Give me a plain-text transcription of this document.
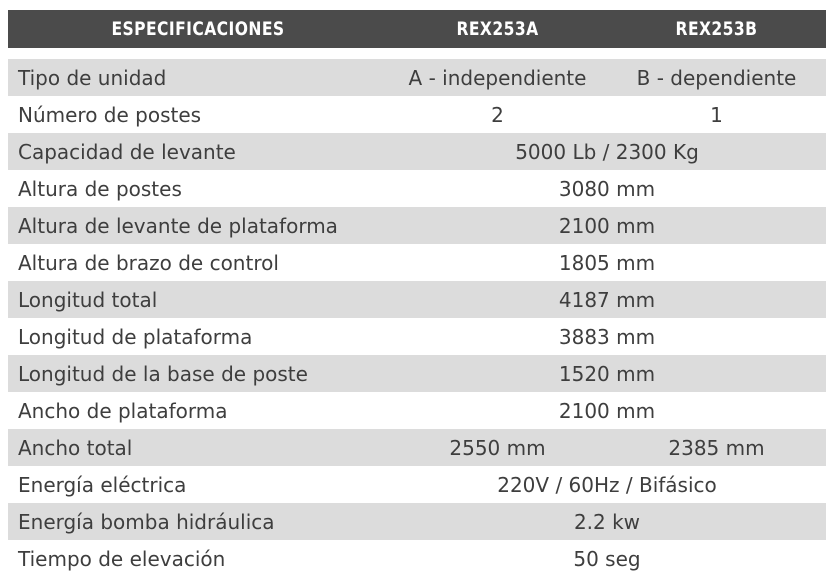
ESPECIFICACIONES	REX253A	REX253B
Tipo de unidad	A - independiente	B - dependiente
Número de postes	2	1
Capacidad de levante	5000 Lb / 2300 Kg
Altura de postes	3080 mm
Altura de levante de plataforma	2100 mm
Altura de brazo de control	1805 mm
Longitud total	4187 mm
Longitud de plataforma	3883 mm
Longitud de la base de poste	1520 mm
Ancho de plataforma	2100 mm
Ancho total	2550 mm	2385 mm
Energía eléctrica	220V / 60Hz / Bifásico
Energía bomba hidráulica	2.2 kw
Tiempo de elevación	50 seg
